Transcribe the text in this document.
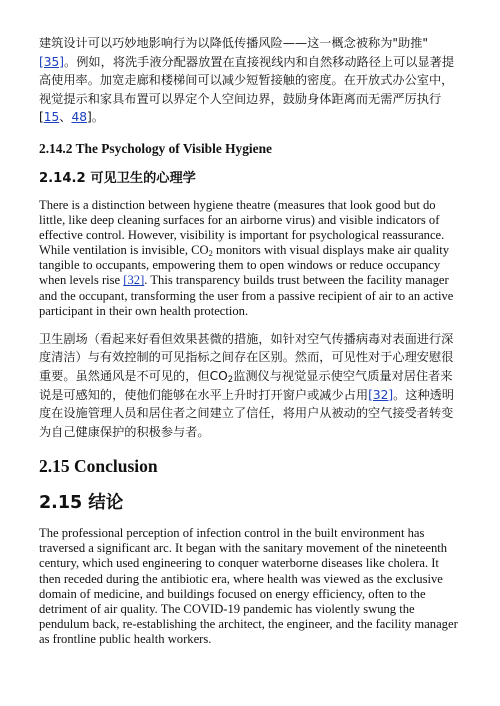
建筑设计可以巧妙地影响行为以降低传播风险——这一概念被称为"助推"[35]。例如，将洗手液分配器放置在直接视线内和自然移动路径上可以显著提高使用率。加宽走廊和楼梯间可以减少短暂接触的密度。在开放式办公室中，视觉提示和家具布置可以界定个人空间边界，鼓励身体距离而无需严厉执行[15、48]。

2.14.2 The Psychology of Visible Hygiene
2.14.2 可见卫生的心理学

There is a distinction between hygiene theatre (measures that look good but do little, like deep cleaning surfaces for an airborne virus) and visible indicators of effective control. However, visibility is important for psychological reassurance. While ventilation is invisible, $CO_2$ monitors with visual displays make air quality tangible to occupants, empowering them to open windows or reduce occupancy when levels rise [32]. This transparency builds trust between the facility manager and the occupant, transforming the user from a passive recipient of air to an active participant in their own health protection.

卫生剧场（看起来好看但效果甚微的措施，如针对空气传播病毒对表面进行深度清洁）与有效控制的可见指标之间存在区别。然而，可见性对于心理安慰很重要。虽然通风是不可见的，但$CO_2$监测仪与视觉显示使空气质量对居住者来说是可感知的，使他们能够在水平上升时打开窗户或减少占用[32]。这种透明度在设施管理人员和居住者之间建立了信任，将用户从被动的空气接受者转变为自己健康保护的积极参与者。

2.15 Conclusion
2.15 结论

The professional perception of infection control in the built environment has traversed a significant arc. It began with the sanitary movement of the nineteenth century, which used engineering to conquer waterborne diseases like cholera. It then receded during the antibiotic era, where health was viewed as the exclusive domain of medicine, and buildings focused on energy efficiency, often to the detriment of air quality. The COVID-19 pandemic has violently swung the pendulum back, re-establishing the architect, the engineer, and the facility manager as frontline public health workers.
